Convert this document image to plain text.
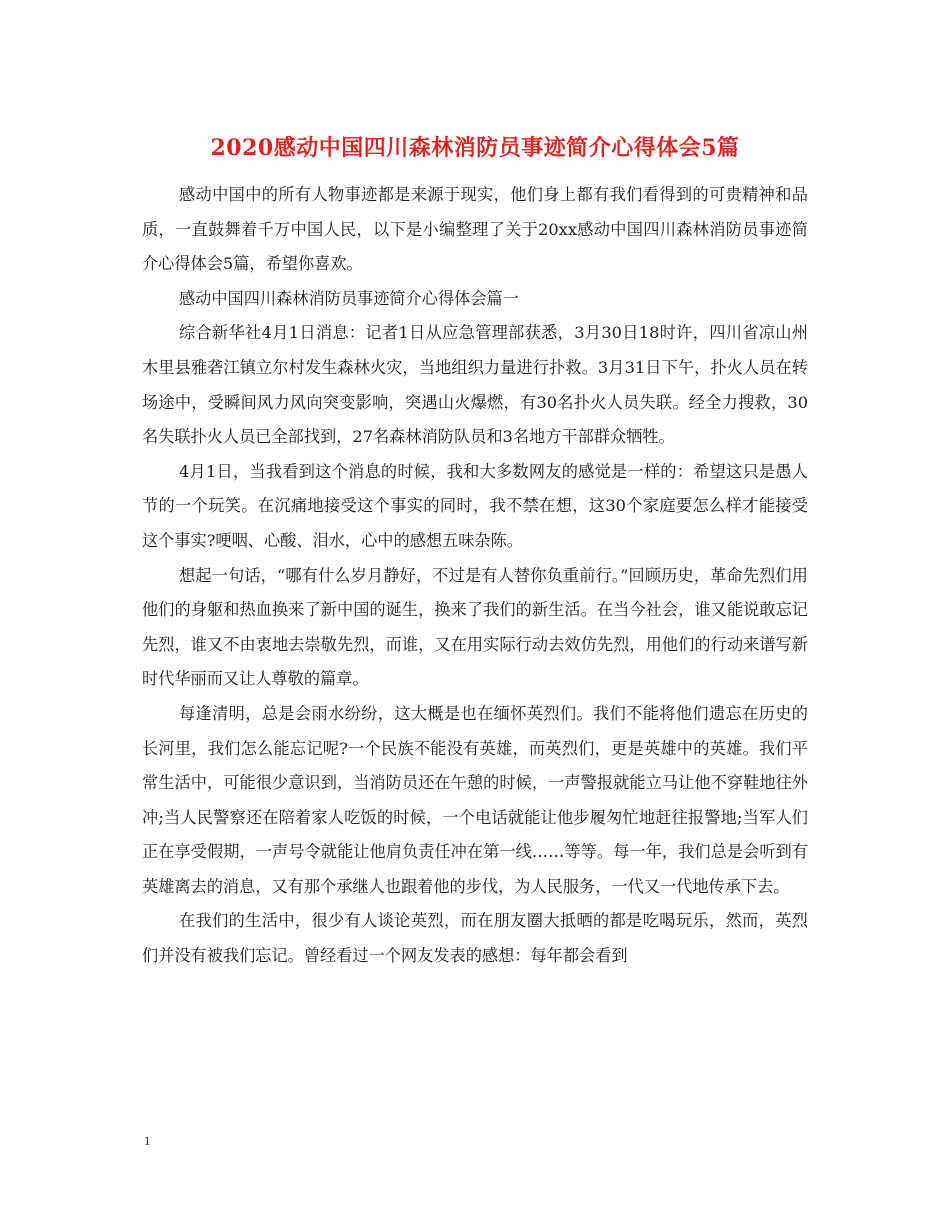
2020感动中国四川森林消防员事迹简介心得体会5篇

感动中国中的所有人物事迹都是来源于现实，他们身上都有我们看得到的可贵精神和品质，一直鼓舞着千万中国人民，以下是小编整理了关于20xx感动中国四川森林消防员事迹简介心得体会5篇，希望你喜欢。

感动中国四川森林消防员事迹简介心得体会篇一

综合新华社4月1日消息：记者1日从应急管理部获悉，3月30日18时许，四川省凉山州木里县雅砻江镇立尔村发生森林火灾，当地组织力量进行扑救。3月31日下午，扑火人员在转场途中，受瞬间风力风向突变影响，突遇山火爆燃，有30名扑火人员失联。经全力搜救，30名失联扑火人员已全部找到，27名森林消防队员和3名地方干部群众牺牲。

4月1日，当我看到这个消息的时候，我和大多数网友的感觉是一样的：希望这只是愚人节的一个玩笑。在沉痛地接受这个事实的同时，我不禁在想，这30个家庭要怎么样才能接受这个事实?哽咽、心酸、泪水，心中的感想五味杂陈。

想起一句话，“哪有什么岁月静好，不过是有人替你负重前行。”回顾历史，革命先烈们用他们的身躯和热血换来了新中国的诞生，换来了我们的新生活。在当今社会，谁又能说敢忘记先烈，谁又不由衷地去崇敬先烈，而谁，又在用实际行动去效仿先烈，用他们的行动来谱写新时代华丽而又让人尊敬的篇章。

每逢清明，总是会雨水纷纷，这大概是也在缅怀英烈们。我们不能将他们遗忘在历史的长河里，我们怎么能忘记呢?一个民族不能没有英雄，而英烈们，更是英雄中的英雄。我们平常生活中，可能很少意识到，当消防员还在午憩的时候，一声警报就能立马让他不穿鞋地往外冲;当人民警察还在陪着家人吃饭的时候，一个电话就能让他步履匆忙地赶往报警地;当军人们正在享受假期，一声号令就能让他肩负责任冲在第一线……等等。每一年，我们总是会听到有英雄离去的消息，又有那个承继人也跟着他的步伐，为人民服务，一代又一代地传承下去。

在我们的生活中，很少有人谈论英烈，而在朋友圈大抵晒的都是吃喝玩乐，然而，英烈们并没有被我们忘记。曾经看过一个网友发表的感想：每年都会看到

1
